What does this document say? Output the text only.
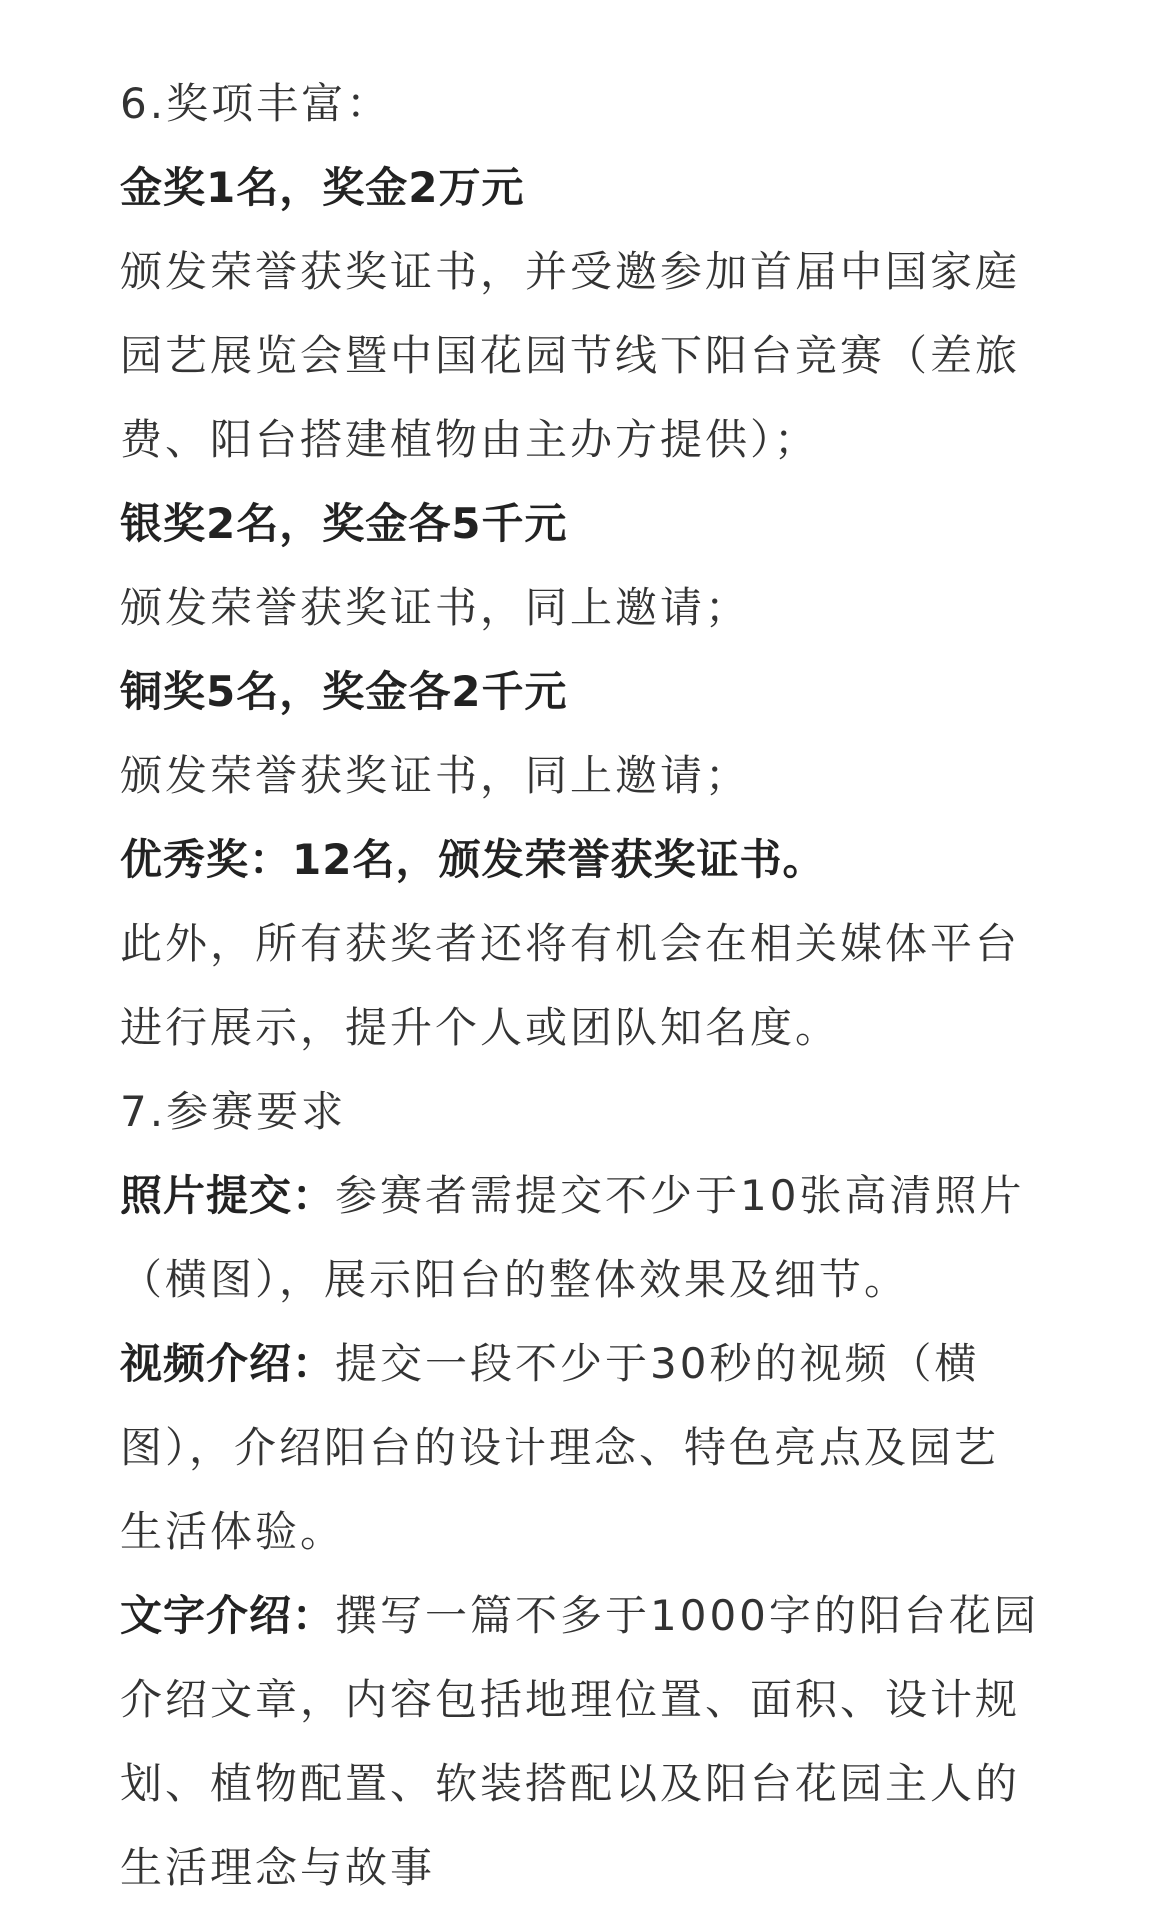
6.奖项丰富：
金奖1名，奖金2万元
颁发荣誉获奖证书，并受邀参加首届中国家庭
园艺展览会暨中国花园节线下阳台竞赛（差旅
费、阳台搭建植物由主办方提供）；
银奖2名，奖金各5千元
颁发荣誉获奖证书，同上邀请；
铜奖5名，奖金各2千元
颁发荣誉获奖证书，同上邀请；
优秀奖：12名，颁发荣誉获奖证书。
此外，所有获奖者还将有机会在相关媒体平台
进行展示，提升个人或团队知名度。
7.参赛要求
照片提交：参赛者需提交不少于10张高清照片
（横图），展示阳台的整体效果及细节。
视频介绍：提交一段不少于30秒的视频（横
图），介绍阳台的设计理念、特色亮点及园艺
生活体验。
文字介绍：撰写一篇不多于1000字的阳台花园
介绍文章，内容包括地理位置、面积、设计规
划、植物配置、软装搭配以及阳台花园主人的
生活理念与故事
